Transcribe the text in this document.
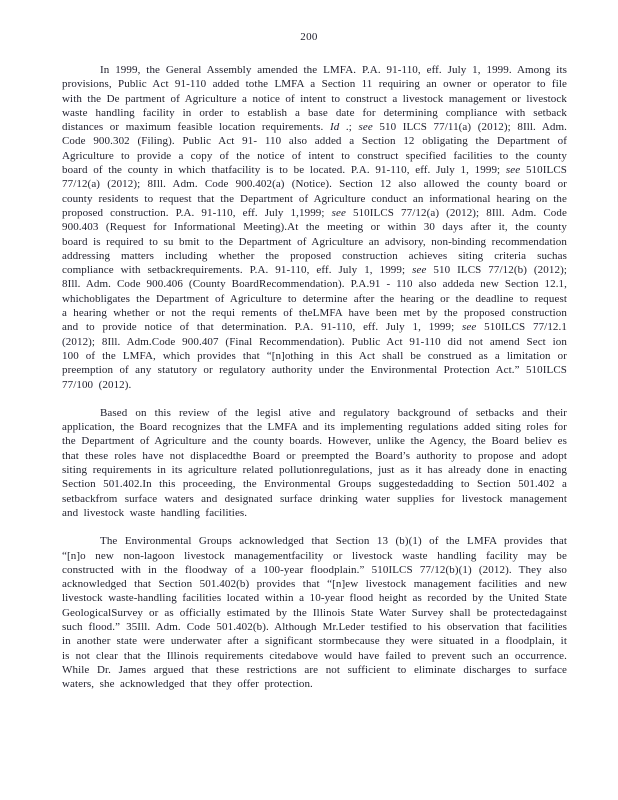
200

In 1999, the General Assembly amended the LMFA. P.A. 91-110, eff. July 1, 1999. Among its provisions, Public Act 91-110 added tothe LMFA a Section 11 requiring an owner or operator to file with the De partment of Agriculture a notice of intent to construct a livestock management or livestock waste handling facility in order to establish a base date for determining compliance with setback distances or maximum feasible location requirements. Id .; see 510 ILCS 77/11(a) (2012); 8Ill. Adm. Code 900.302 (Filing). Public Act 91- 110 also added a Section 12 obligating the Department of Agriculture to provide a copy of the notice of intent to construct specified facilities to the county board of the county in which thatfacility is to be located. P.A. 91-110, eff. July 1, 1999; see 510ILCS 77/12(a) (2012); 8Ill. Adm. Code 900.402(a) (Notice). Section 12 also allowed the county board or county residents to request that the Department of Agriculture conduct an informational hearing on the proposed construction. P.A. 91-110, eff. July 1,1999; see 510ILCS 77/12(a) (2012); 8Ill. Adm. Code 900.403 (Request for Informational Meeting).At the meeting or within 30 days after it, the county board is required to su bmit to the Department of Agriculture an advisory, non-binding recommendation addressing matters including whether the proposed construction achieves siting criteria suchas compliance with setbackrequirements. P.A. 91-110, eff. July 1, 1999; see 510 ILCS 77/12(b) (2012); 8Ill. Adm. Code 900.406 (County BoardRecommendation). P.A.91 - 110 also addeda new Section 12.1, whichobligates the Department of Agriculture to determine after the hearing or the deadline to request a hearing whether or not the requi rements of theLMFA have been met by the proposed construction and to provide notice of that determination. P.A. 91-110, eff. July 1, 1999; see 510ILCS 77/12.1 (2012); 8Ill. Adm.Code 900.407 (Final Recommendation). Public Act 91-110 did not amend Sect ion 100 of the LMFA, which provides that “[n]othing in this Act shall be construed as a limitation or preemption of any statutory or regulatory authority under the Environmental Protection Act.” 510ILCS 77/100 (2012).

Based on this review of the legisl ative and regulatory background of setbacks and their application, the Board recognizes that the LMFA and its implementing regulations added siting roles for the Department of Agriculture and the county boards. However, unlike the Agency, the Board believ es that these roles have not displacedthe Board or preempted the Board’s authority to propose and adopt siting requirements in its agriculture related pollutionregulations, just as it has already done in enacting Section 501.402.In this proceeding, the Environmental Groups suggestedadding to Section 501.402 a setbackfrom surface waters and designated surface drinking water supplies for livestock management and livestock waste handling facilities.

The Environmental Groups acknowledged that Section 13 (b)(1) of the LMFA provides that “[n]o new non-lagoon livestock managementfacility or livestock waste handling facility may be constructed with in the floodway of a 100-year floodplain.” 510ILCS 77/12(b)(1) (2012). They also acknowledged that Section 501.402(b) provides that “[n]ew livestock management facilities and new livestock waste-handling facilities located within a 10-year flood height as recorded by the United State GeologicalSurvey or as officially estimated by the Illinois State Water Survey shall be protectedagainst such flood.” 35Ill. Adm. Code 501.402(b). Although Mr.Leder testified to his observation that facilities in another state were underwater after a significant stormbecause they were situated in a floodplain, it is not clear that the Illinois requirements citedabove would have failed to prevent such an occurrence. While Dr. James argued that these restrictions are not sufficient to eliminate discharges to surface waters, she acknowledged that they offer protection.
